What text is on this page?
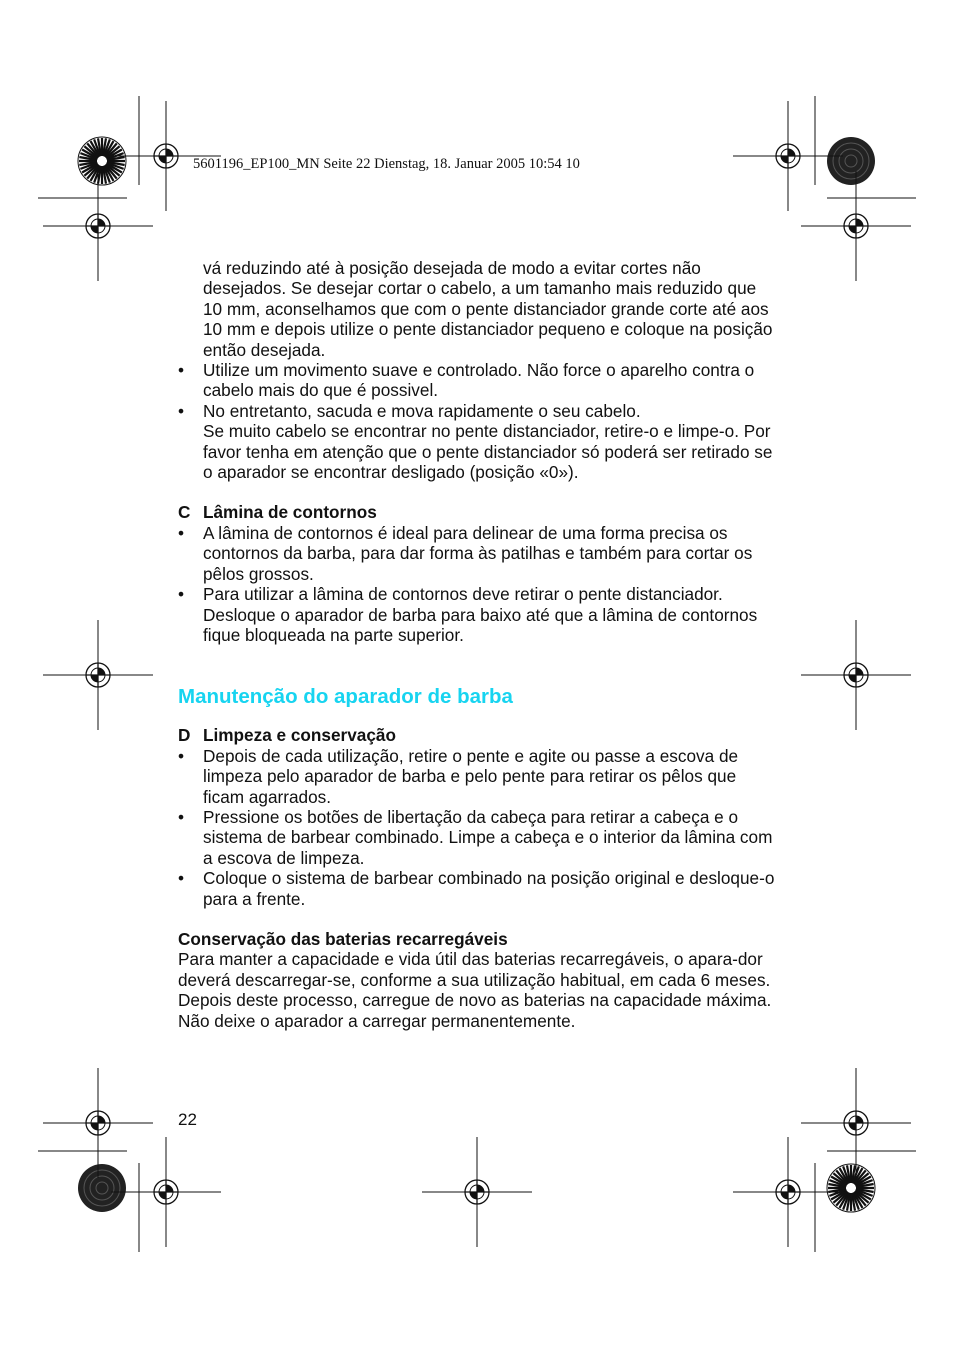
5601196_EP100_MN Seite 22 Dienstag, 18. Januar 2005 10:54 10

vá reduzindo até à posição desejada de modo a evitar cortes não desejados. Se desejar cortar o cabelo, a um tamanho mais reduzido que 10 mm, aconselhamos que com o pente distanciador grande corte até aos 10 mm e depois utilize o pente distanciador pequeno e coloque na posição então desejada.

• Utilize um movimento suave e controlado. Não force o aparelho contra o cabelo mais do que é possivel.
• No entretanto, sacuda e mova rapidamente o seu cabelo.

Se muito cabelo se encontrar no pente distanciador, retire-o e limpe-o. Por favor tenha em atenção que o pente distanciador só poderá ser retirado se o aparador se encontrar desligado (posição «0»).

C Lâmina de contornos
• A lâmina de contornos é ideal para delinear de uma forma precisa os contornos da barba, para dar forma às patilhas e também para cortar os pêlos grossos.
• Para utilizar a lâmina de contornos deve retirar o pente distanciador. Desloque o aparador de barba para baixo até que a lâmina de contornos fique bloqueada na parte superior.
Manutenção do aparador de barba
D Limpeza e conservação
• Depois de cada utilização, retire o pente e agite ou passe a escova de limpeza pelo aparador de barba e pelo pente para retirar os pêlos que ficam agarrados.
• Pressione os botões de libertação da cabeça para retirar a cabeça e o sistema de barbear combinado. Limpe a cabeça e o interior da lâmina com a escova de limpeza.
• Coloque o sistema de barbear combinado na posição original e desloque-o para a frente.

Conservação das baterias recarregáveis

Para manter a capacidade e vida útil das baterias recarregáveis, o apara-dor deverá descarregar-se, conforme a sua utilização habitual, em cada 6 meses.

Depois deste processo, carregue de novo as baterias na capacidade máxima. Não deixe o aparador a carregar permanentemente.

22
